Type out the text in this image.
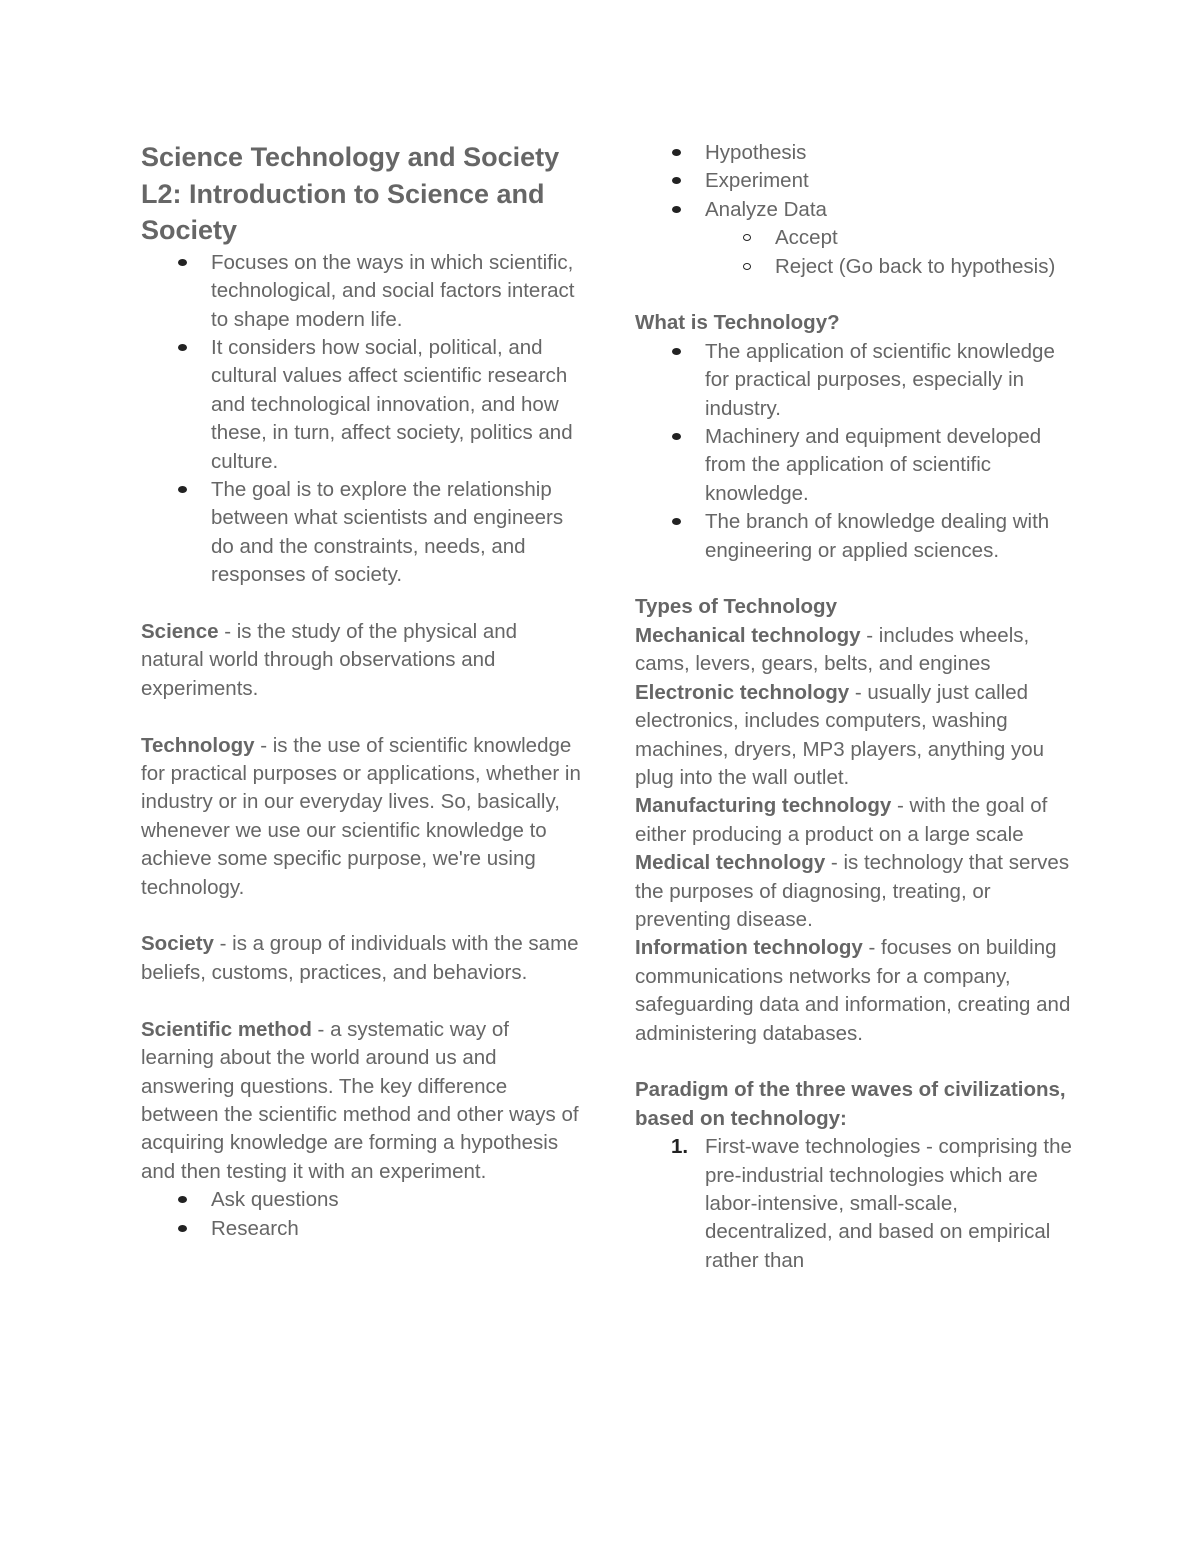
Science Technology and Society
L2: Introduction to Science and Society
Focuses on the ways in which scientific, technological, and social factors interact to shape modern life.
It considers how social, political, and cultural values affect scientific research and technological innovation, and how these, in turn, affect society, politics and culture.
The goal is to explore the relationship between what scientists and engineers do and the constraints, needs, and responses of society.

Science - is the study of the physical and natural world through observations and experiments.

Technology - is the use of scientific knowledge for practical purposes or applications, whether in industry or in our everyday lives. So, basically, whenever we use our scientific knowledge to achieve some specific purpose, we're using technology.

Society - is a group of individuals with the same beliefs, customs, practices, and behaviors.

Scientific method - a systematic way of learning about the world around us and answering questions. The key difference between the scientific method and other ways of acquiring knowledge are forming a hypothesis and then testing it with an experiment.

Ask questions
Research
Hypothesis
Experiment
Analyze Data
Accept
Reject (Go back to hypothesis)

What is Technology?

The application of scientific knowledge for practical purposes, especially in industry.
Machinery and equipment developed from the application of scientific knowledge.
The branch of knowledge dealing with engineering or applied sciences.

Types of Technology

Mechanical technology - includes wheels, cams, levers, gears, belts, and engines

Electronic technology - usually just called electronics, includes computers, washing machines, dryers, MP3 players, anything you plug into the wall outlet.

Manufacturing technology - with the goal of either producing a product on a large scale

Medical technology - is technology that serves the purposes of diagnosing, treating, or preventing disease.

Information technology - focuses on building communications networks for a company, safeguarding data and information, creating and administering databases.

Paradigm of the three waves of civilizations, based on technology:

1. First-wave technologies - comprising the pre-industrial technologies which are labor-intensive, small-scale, decentralized, and based on empirical rather than
